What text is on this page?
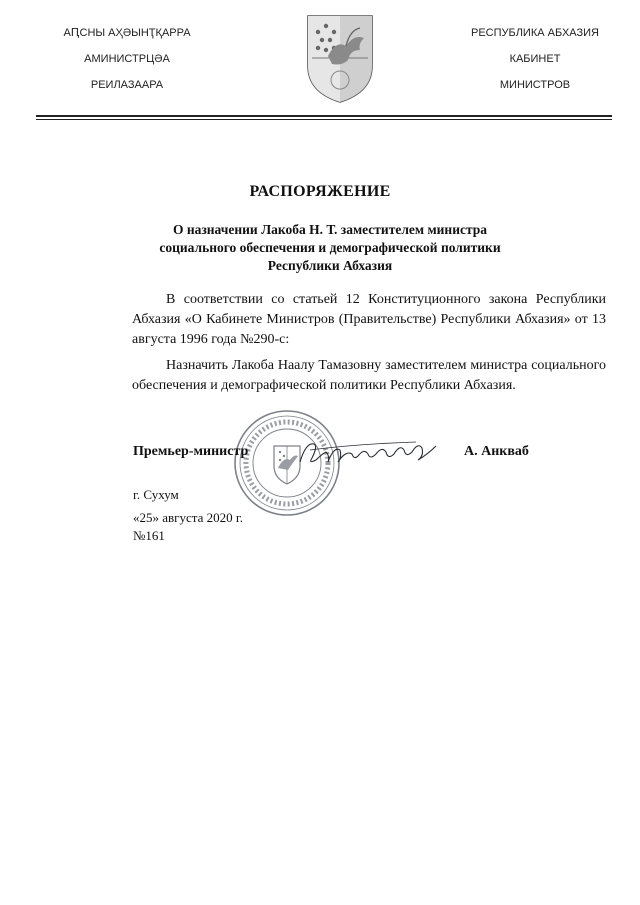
АԤСНЫ АҲӘЫНҬҚАРРА
АМИНИСТРЦӘА
РЕИЛАЗААРА
РЕСПУБЛИКА АБХАЗИЯ
КАБИНЕТ
МИНИСТРОВ
РАСПОРЯЖЕНИЕ
О назначении Лакоба Н. Т. заместителем министра
социального обеспечения и демографической политики
Республики Абхазия
В соответствии со статьей 12 Конституционного закона Республики Абхазия «О Кабинете Министров (Правительстве) Республики Абхазия» от 13 августа 1996 года №290-с:
Назначить Лакоба Наалу Тамазовну заместителем министра социального обеспечения и демографической политики Республики Абхазия.
Премьер-министр	А. Анкваб
г. Сухум
«25» августа 2020 г.
№161
